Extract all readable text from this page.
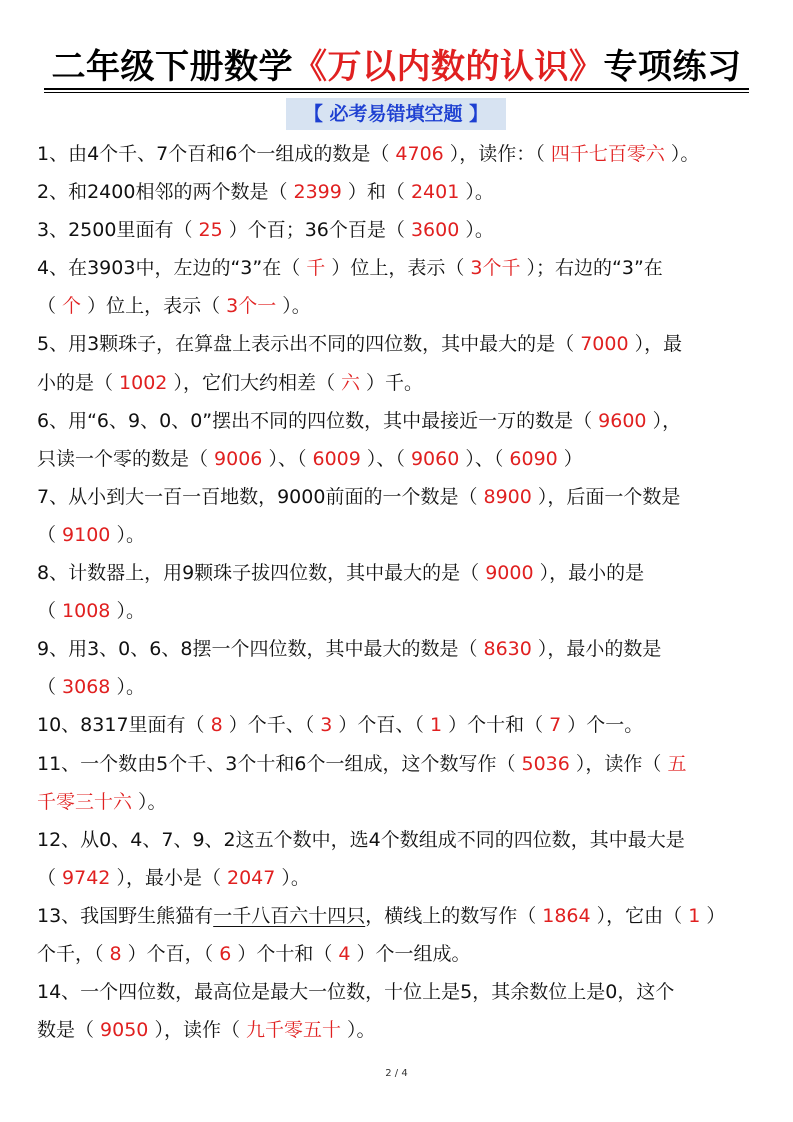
二年级下册数学《万以内数的认识》专项练习
【 必考易错填空题 】
1、由4个千、7个百和6个一组成的数是（ 4706 ），读作：（ 四千七百零六 ）。
2、和2400相邻的两个数是（ 2399 ）和（ 2401 ）。
3、2500里面有（ 25 ）个百；36个百是（ 3600 ）。
4、在3903中，左边的“3”在（ 千 ）位上，表示（ 3个千 ）；右边的“3”在
（ 个 ）位上，表示（ 3个一 ）。
5、用3颗珠子，在算盘上表示出不同的四位数，其中最大的是（ 7000 ），最
小的是（ 1002 ），它们大约相差（ 六 ）千。
6、用“6、9、0、0”摆出不同的四位数，其中最接近一万的数是（ 9600 ），
只读一个零的数是（ 9006 ）、（ 6009 ）、（ 9060 ）、（ 6090 ）
7、从小到大一百一百地数，9000前面的一个数是（ 8900 ），后面一个数是
（ 9100 ）。
8、计数器上，用9颗珠子拔四位数，其中最大的是（ 9000 ），最小的是
（ 1008 ）。
9、用3、0、6、8摆一个四位数，其中最大的数是（ 8630 ），最小的数是
（ 3068 ）。
10、8317里面有（ 8 ）个千、（ 3 ）个百、（ 1 ）个十和（ 7 ）个一。
11、一个数由5个千、3个十和6个一组成，这个数写作（ 5036 ），读作（ 五
千零三十六 ）。
12、从0、4、7、9、2这五个数中，选4个数组成不同的四位数，其中最大是
（ 9742 ），最小是（ 2047 ）。
13、我国野生熊猫有一千八百六十四只，横线上的数写作（ 1864 ），它由（ 1 ）
个千，（ 8 ）个百，（ 6 ）个十和（ 4 ）个一组成。
14、一个四位数，最高位是最大一位数，十位上是5，其余数位上是0，这个
数是（ 9050 ），读作（ 九千零五十 ）。
2 / 4
